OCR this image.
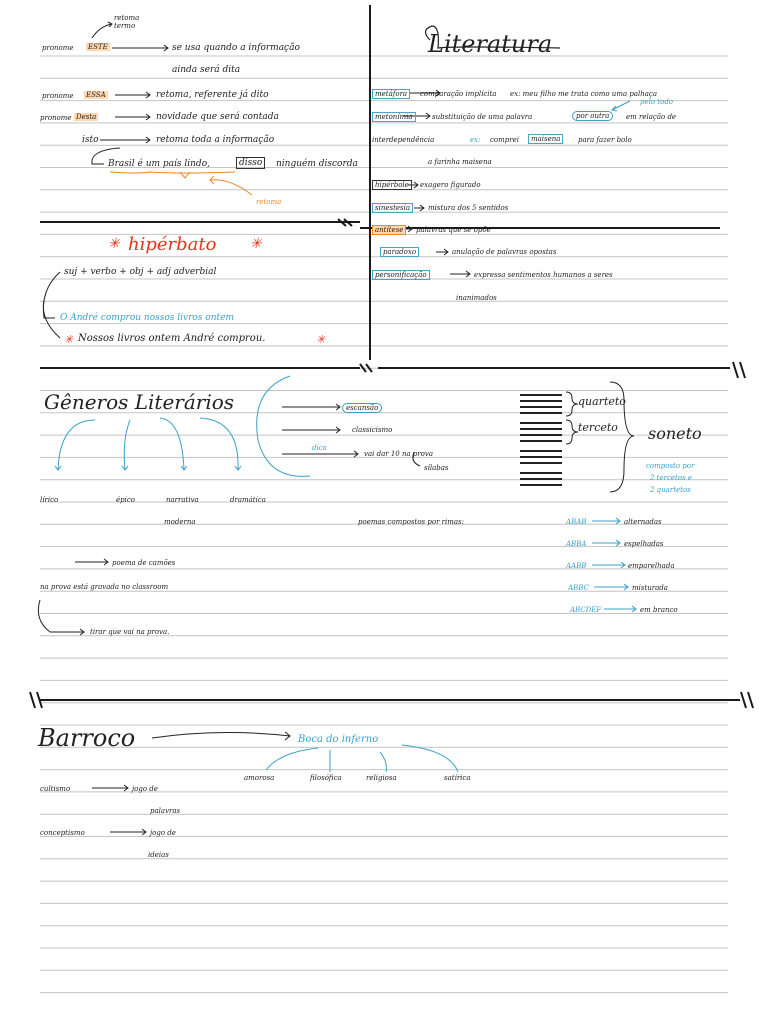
pronome ESTE
retoma termo
se usa quando a informação
ainda será dita
pronome ESSA	retoma, referente já dito
pronome Desta	novidade que será contada
isto	retoma toda a informação
Brasil é um país lindo,	disso	ninguém discorda
retoma
Literatura
metáfora	comparação implícita ex: meu filho me trata como uma palhaça
metonímia	substituição de uma palavra	por outra	em relação de
pelo todo
interdependência	ex: comprei	maisena	para fazer bolo
a farinha maisena
hipérbole	exagero figurado
sinestesia	mistura dos 5 sentidos
antítese	palavras que se opõe
paradoxo	anulação de palavras opostas
personificação	expressa sentimentos humanos a seres
inanimados
✳ hipérbato ✳
suj + verbo + obj + adj adverbial
O André comprou nossos livros ontem
✳ Nossos livros ontem André comprou.	✳
Gêneros Literários
lírico	épico	narrativa	dramática
moderna
escansão
classicismo
dica
vai dar 10 na prova
sílabas
quarteto
terceto soneto
composto por
2 tercetos e
2 quartetos
poemas compostos por rimas:	ABAB	alternadas
ABBA	espelhadas
AABB	emparelhada
ABBC	misturada
ABCDEF	em branco
poema de camões
na prova está gravada no classroom
tirar que vai na prova.
Barroco	Boca do inferno
amorosa	filosófica	religiosa	satírica
cultismo	jogo de
palavras
conceptismo	jogo de
ideias
